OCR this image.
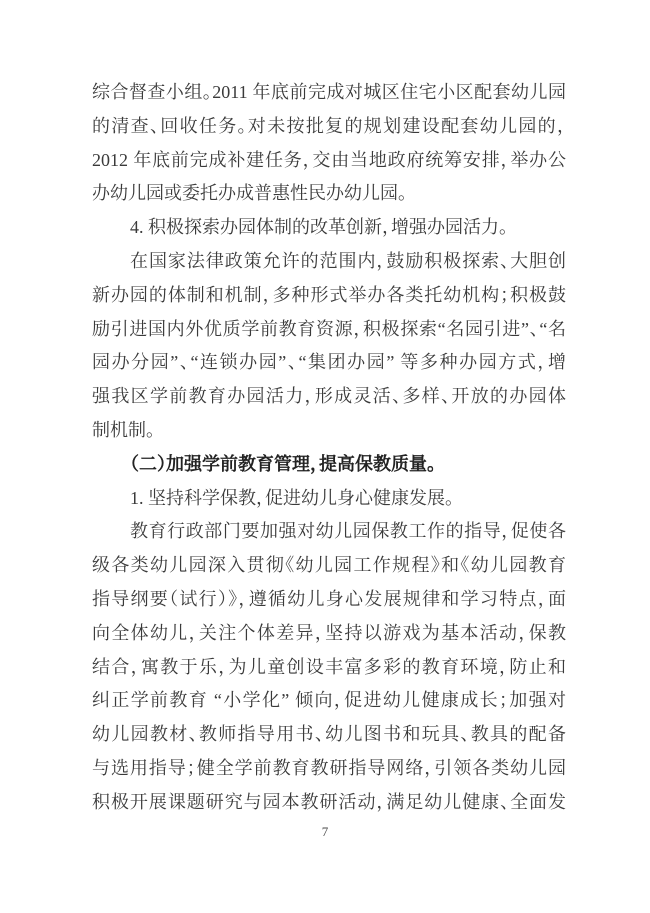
综合督查小组。2011 年底前完成对城区住宅小区配套幼儿园
的清查、回收任务。对未按批复的规划建设配套幼儿园的，
2012 年底前完成补建任务，交由当地政府统筹安排，举办公
办幼儿园或委托办成普惠性民办幼儿园。
4. 积极探索办园体制的改革创新，增强办园活力。
在国家法律政策允许的范围内，鼓励积极探索、大胆创
新办园的体制和机制，多种形式举办各类托幼机构；积极鼓
励引进国内外优质学前教育资源，积极探索“名园引进”、“名
园办分园”、“连锁办园”、“集团办园” 等多种办园方式，增
强我区学前教育办园活力，形成灵活、多样、开放的办园体
制机制。
（二）加强学前教育管理，提高保教质量。
1. 坚持科学保教，促进幼儿身心健康发展。
教育行政部门要加强对幼儿园保教工作的指导，促使各
级各类幼儿园深入贯彻《幼儿园工作规程》和《幼儿园教育
指导纲要（试行）》，遵循幼儿身心发展规律和学习特点，面
向全体幼儿，关注个体差异，坚持以游戏为基本活动，保教
结合，寓教于乐，为儿童创设丰富多彩的教育环境，防止和
纠正学前教育 “小学化” 倾向，促进幼儿健康成长；加强对
幼儿园教材、教师指导用书、幼儿图书和玩具、教具的配备
与选用指导；健全学前教育教研指导网络，引领各类幼儿园
积极开展课题研究与园本教研活动，满足幼儿健康、全面发
7
